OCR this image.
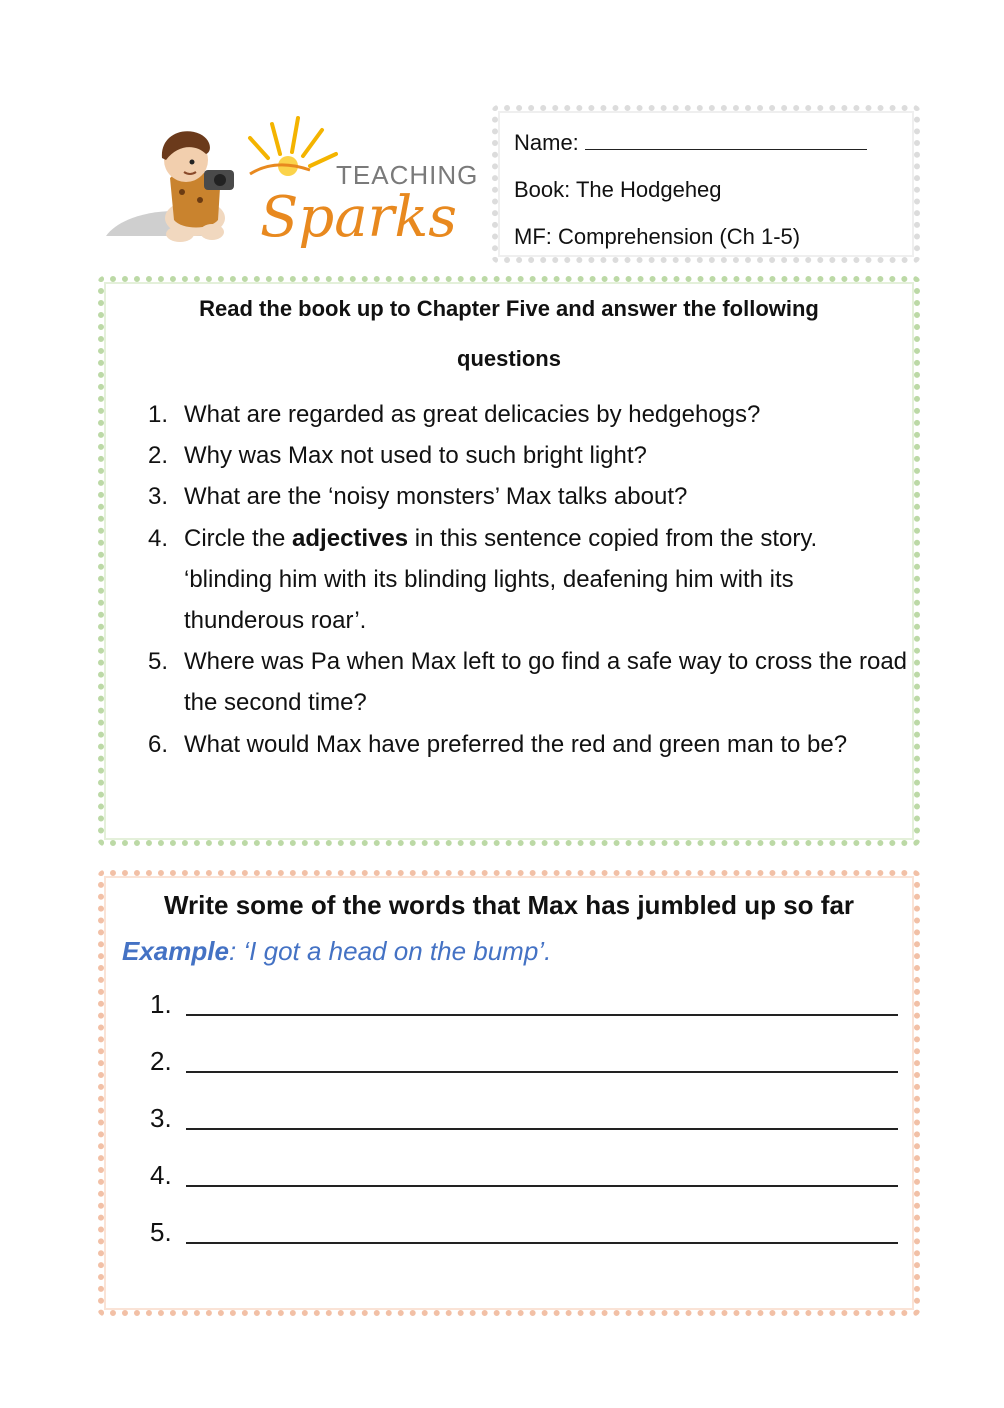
TEACHING
Sparks
Name:
Book: The Hodgeheg
MF: Comprehension (Ch 1-5)
Read the book up to Chapter Five and answer the following
questions
1. What are regarded as great delicacies by hedgehogs?
2. Why was Max not used to such bright light?
3. What are the ‘noisy monsters’ Max talks about?
4. Circle the adjectives in this sentence copied from the story. ‘blinding him with its blinding lights, deafening him with its thunderous roar’.
5. Where was Pa when Max left to go find a safe way to cross the road the second time?
6. What would Max have preferred the red and green man to be?
Write some of the words that Max has jumbled up so far
Example: ‘I got a head on the bump’.
1.
2.
3.
4.
5.
